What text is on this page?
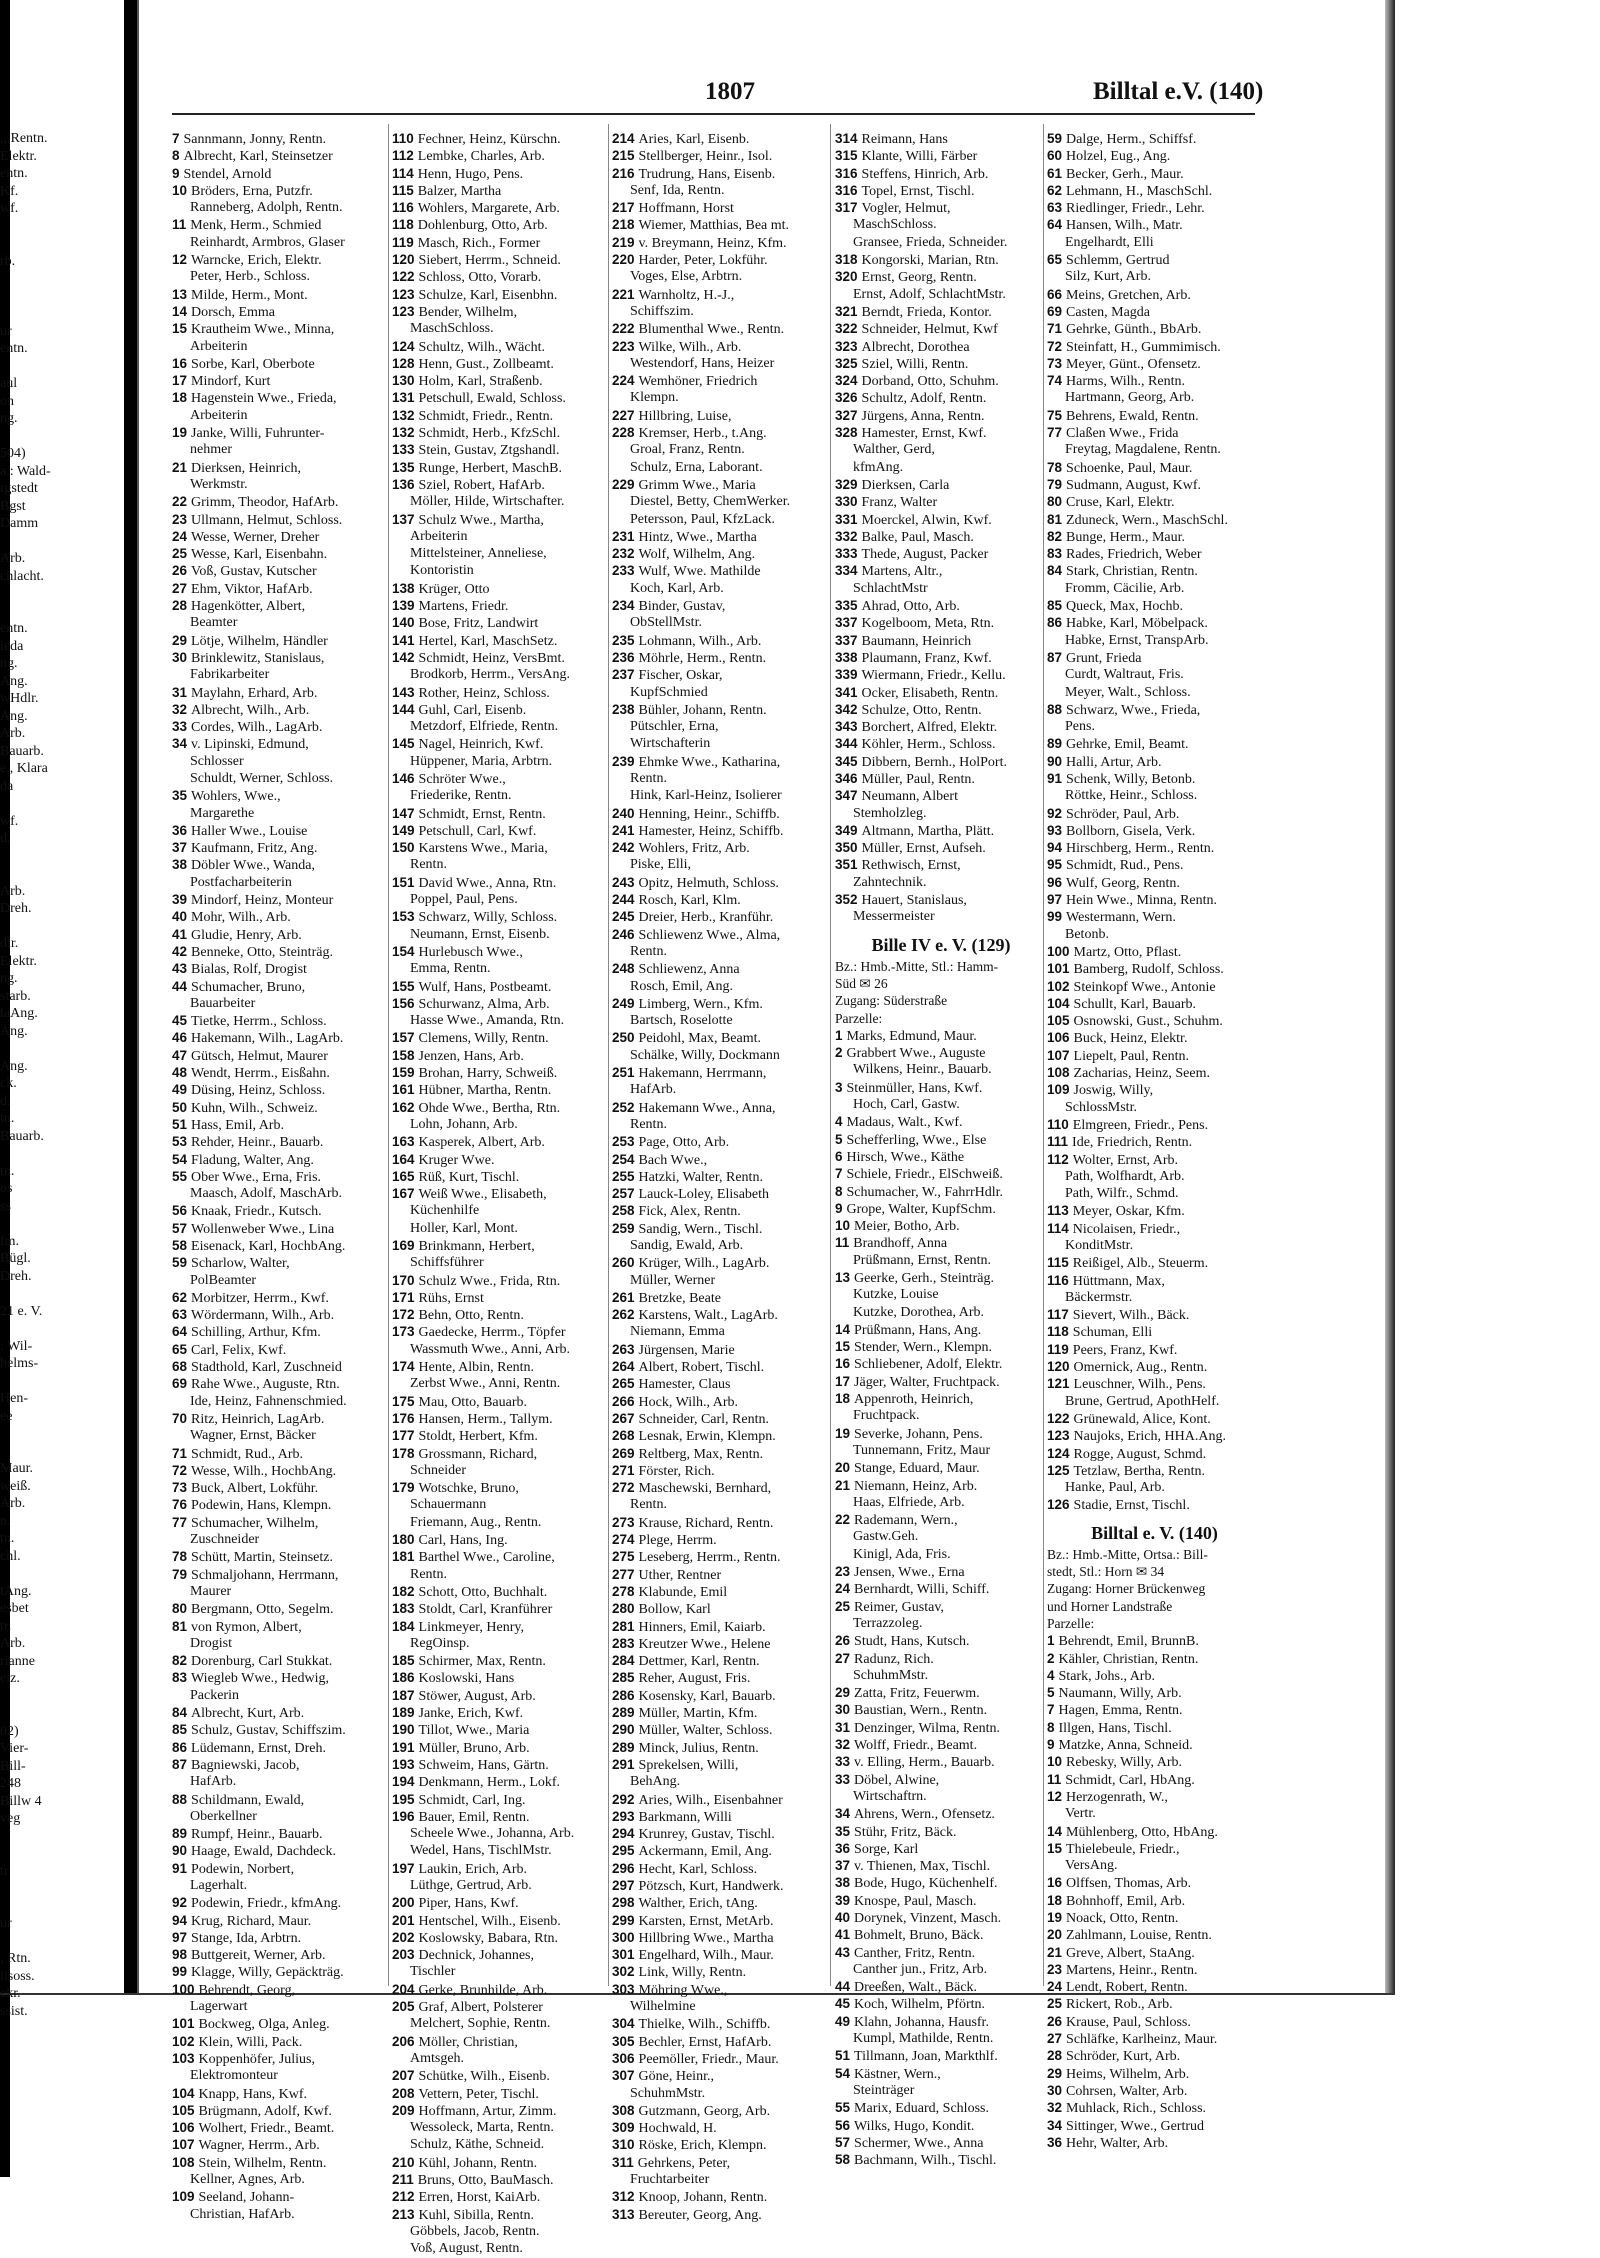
,, Rentn.
Elektr.
entn.
Kf.
wf.
rb.
ur
entn.
aul
on
ng.
504)
a.: Wald-
rgstedt
Bgst
Damm
Arb.
chlacht.
entn.
ieda
ng.
Ang.
wHdlr.
Ang.
Arb.
Bauarb.
e., Klara
da
wf.
d,
Arb.
Dreh.
dlr.
Elektr.
ng.
starb.
taAng.
Ang.
Ang.
ck.
d.
tn.
Bauarb.
tn.
os
ss
fm.
Bügl.
Dreh.
21 e. V.
: Wil-
helms-
Hen-
ee
Maur.
weiß.
Arb.
n.
tn.
chl.
tAng.
esbet
tr.
Arb.
rianne
eiz.
02)
Vier-
Bill-
248
Billw 4
veg
tr
ur
, Rtn.
ilsoss.
ekr.
ssist.
1807	Billtal e.V. (140)
7 Sannmann, Jonny, Rentn.
8 Albrecht, Karl, Steinsetzer
9 Stendel, Arnold
10 Bröders, Erna, Putzfr.
Ranneberg, Adolph, Rentn.
11 Menk, Herm., Schmied
Reinhardt, Armbros, Glaser
12 Warncke, Erich, Elektr.
Peter, Herb., Schloss.
13 Milde, Herm., Mont.
14 Dorsch, Emma
15 Krautheim Wwe., Minna,
Arbeiterin
16 Sorbe, Karl, Oberbote
17 Mindorf, Kurt
18 Hagenstein Wwe., Frieda,
Arbeiterin
19 Janke, Willi, Fuhrunter-
nehmer
21 Dierksen, Heinrich,
Werkmstr.
22 Grimm, Theodor, HafArb.
23 Ullmann, Helmut, Schloss.
24 Wesse, Werner, Dreher
25 Wesse, Karl, Eisenbahn.
26 Voß, Gustav, Kutscher
27 Ehm, Viktor, HafArb.
28 Hagenkötter, Albert,
Beamter
29 Lötje, Wilhelm, Händler
30 Brinklewitz, Stanislaus,
Fabrikarbeiter
31 Maylahn, Erhard, Arb.
32 Albrecht, Wilh., Arb.
33 Cordes, Wilh., LagArb.
34 v. Lipinski, Edmund,
Schlosser
Schuldt, Werner, Schloss.
35 Wohlers, Wwe.,
Margarethe
36 Haller Wwe., Louise
37 Kaufmann, Fritz, Ang.
38 Döbler Wwe., Wanda,
Postfacharbeiterin
39 Mindorf, Heinz, Monteur
40 Mohr, Wilh., Arb.
41 Gludie, Henry, Arb.
42 Benneke, Otto, Steinträg.
43 Bialas, Rolf, Drogist
44 Schumacher, Bruno,
Bauarbeiter
45 Tietke, Herrm., Schloss.
46 Hakemann, Wilh., LagArb.
47 Gütsch, Helmut, Maurer
48 Wendt, Herrm., Eisßahn.
49 Düsing, Heinz, Schloss.
50 Kuhn, Wilh., Schweiz.
51 Hass, Emil, Arb.
53 Rehder, Heinr., Bauarb.
54 Fladung, Walter, Ang.
55 Ober Wwe., Erna, Fris.
Maasch, Adolf, MaschArb.
56 Knaak, Friedr., Kutsch.
57 Wollenweber Wwe., Lina
58 Eisenack, Karl, HochbAng.
59 Scharlow, Walter,
PolBeamter
62 Morbitzer, Herrm., Kwf.
63 Wördermann, Wilh., Arb.
64 Schilling, Arthur, Kfm.
65 Carl, Felix, Kwf.
68 Stadthold, Karl, Zuschneid
69 Rahe Wwe., Auguste, Rtn.
Ide, Heinz, Fahnenschmied.
70 Ritz, Heinrich, LagArb.
Wagner, Ernst, Bäcker
71 Schmidt, Rud., Arb.
72 Wesse, Wilh., HochbAng.
73 Buck, Albert, Lokführ.
76 Podewin, Hans, Klempn.
77 Schumacher, Wilhelm,
Zuschneider
78 Schütt, Martin, Steinsetz.
79 Schmaljohann, Herrmann,
Maurer
80 Bergmann, Otto, Segelm.
81 von Rymon, Albert,
Drogist
82 Dorenburg, Carl Stukkat.
83 Wiegleb Wwe., Hedwig,
Packerin
84 Albrecht, Kurt, Arb.
85 Schulz, Gustav, Schiffszim.
86 Lüdemann, Ernst, Dreh.
87 Bagniewski, Jacob,
HafArb.
88 Schildmann, Ewald,
Oberkellner
89 Rumpf, Heinr., Bauarb.
90 Haage, Ewald, Dachdeck.
91 Podewin, Norbert,
Lagerhalt.
92 Podewin, Friedr., kfmAng.
94 Krug, Richard, Maur.
97 Stange, Ida, Arbtrn.
98 Buttgereit, Werner, Arb.
99 Klagge, Willy, Gepäckträg.
100 Behrendt, Georg,
Lagerwart
101 Bockweg, Olga, Anleg.
102 Klein, Willi, Pack.
103 Koppenhöfer, Julius,
Elektromonteur
104 Knapp, Hans, Kwf.
105 Brügmann, Adolf, Kwf.
106 Wolhert, Friedr., Beamt.
107 Wagner, Herrm., Arb.
108 Stein, Wilhelm, Rentn.
Kellner, Agnes, Arb.
109 Seeland, Johann-
Christian, HafArb.
110 Fechner, Heinz, Kürschn.
112 Lembke, Charles, Arb.
114 Henn, Hugo, Pens.
115 Balzer, Martha
116 Wohlers, Margarete, Arb.
118 Dohlenburg, Otto, Arb.
119 Masch, Rich., Former
120 Siebert, Herrm., Schneid.
122 Schloss, Otto, Vorarb.
123 Schulze, Karl, Eisenbhn.
123 Bender, Wilhelm,
MaschSchloss.
124 Schultz, Wilh., Wächt.
128 Henn, Gust., Zollbeamt.
130 Holm, Karl, Straßenb.
131 Petschull, Ewald, Schloss.
132 Schmidt, Friedr., Rentn.
132 Schmidt, Herb., KfzSchl.
133 Stein, Gustav, Ztgshandl.
135 Runge, Herbert, MaschB.
136 Sziel, Robert, HafArb.
Möller, Hilde, Wirtschafter.
137 Schulz Wwe., Martha,
Arbeiterin
Mittelsteiner, Anneliese,
Kontoristin
138 Krüger, Otto
139 Martens, Friedr.
140 Bose, Fritz, Landwirt
141 Hertel, Karl, MaschSetz.
142 Schmidt, Heinz, VersBmt.
Brodkorb, Herrm., VersAng.
143 Rother, Heinz, Schloss.
144 Guhl, Carl, Eisenb.
Metzdorf, Elfriede, Rentn.
145 Nagel, Heinrich, Kwf.
Hüppener, Maria, Arbtrn.
146 Schröter Wwe.,
Friederike, Rentn.
147 Schmidt, Ernst, Rentn.
149 Petschull, Carl, Kwf.
150 Karstens Wwe., Maria,
Rentn.
151 David Wwe., Anna, Rtn.
Poppel, Paul, Pens.
153 Schwarz, Willy, Schloss.
Neumann, Ernst, Eisenb.
154 Hurlebusch Wwe.,
Emma, Rentn.
155 Wulf, Hans, Postbeamt.
156 Schurwanz, Alma, Arb.
Hasse Wwe., Amanda, Rtn.
157 Clemens, Willy, Rentn.
158 Jenzen, Hans, Arb.
159 Brohan, Harry, Schweiß.
161 Hübner, Martha, Rentn.
162 Ohde Wwe., Bertha, Rtn.
Lohn, Johann, Arb.
163 Kasperek, Albert, Arb.
164 Kruger Wwe.
165 Rüß, Kurt, Tischl.
167 Weiß Wwe., Elisabeth,
Küchenhilfe
Holler, Karl, Mont.
169 Brinkmann, Herbert,
Schiffsführer
170 Schulz Wwe., Frida, Rtn.
171 Rühs, Ernst
172 Behn, Otto, Rentn.
173 Gaedecke, Herrm., Töpfer
Wassmuth Wwe., Anni, Arb.
174 Hente, Albin, Rentn.
Zerbst Wwe., Anni, Rentn.
175 Mau, Otto, Bauarb.
176 Hansen, Herm., Tallym.
177 Stoldt, Herbert, Kfm.
178 Grossmann, Richard,
Schneider
179 Wotschke, Bruno,
Schauermann
Friemann, Aug., Rentn.
180 Carl, Hans, Ing.
181 Barthel Wwe., Caroline,
Rentn.
182 Schott, Otto, Buchhalt.
183 Stoldt, Carl, Kranführer
184 Linkmeyer, Henry,
RegOinsp.
185 Schirmer, Max, Rentn.
186 Koslowski, Hans
187 Stöwer, August, Arb.
189 Janke, Erich, Kwf.
190 Tillot, Wwe., Maria
191 Müller, Bruno, Arb.
193 Schweim, Hans, Gärtn.
194 Denkmann, Herm., Lokf.
195 Schmidt, Carl, Ing.
196 Bauer, Emil, Rentn.
Scheele Wwe., Johanna, Arb.
Wedel, Hans, TischlMstr.
197 Laukin, Erich, Arb.
Lüthge, Gertrud, Arb.
200 Piper, Hans, Kwf.
201 Hentschel, Wilh., Eisenb.
202 Koslowsky, Babara, Rtn.
203 Dechnick, Johannes,
Tischler
204 Gerke, Brunhilde, Arb.
205 Graf, Albert, Polsterer
Melchert, Sophie, Rentn.
206 Möller, Christian,
Amtsgeh.
207 Schütke, Wilh., Eisenb.
208 Vettern, Peter, Tischl.
209 Hoffmann, Artur, Zimm.
Wessoleck, Marta, Rentn.
Schulz, Käthe, Schneid.
210 Kühl, Johann, Rentn.
211 Bruns, Otto, BauMasch.
212 Erren, Horst, KaiArb.
213 Kuhl, Sibilla, Rentn.
Göbbels, Jacob, Rentn.
Voß, August, Rentn.
214 Aries, Karl, Eisenb.
215 Stellberger, Heinr., Isol.
216 Trudrung, Hans, Eisenb.
Senf, Ida, Rentn.
217 Hoffmann, Horst
218 Wiemer, Matthias, Bea mt.
219 v. Breymann, Heinz, Kfm.
220 Harder, Peter, Lokführ.
Voges, Else, Arbtrn.
221 Warnholtz, H.-J.,
Schiffszim.
222 Blumenthal Wwe., Rentn.
223 Wilke, Wilh., Arb.
Westendorf, Hans, Heizer
224 Wemhöner, Friedrich
Klempn.
227 Hillbring, Luise,
228 Kremser, Herb., t.Ang.
Groal, Franz, Rentn.
Schulz, Erna, Laborant.
229 Grimm Wwe., Maria
Diestel, Betty, ChemWerker.
Petersson, Paul, KfzLack.
231 Hintz, Wwe., Martha
232 Wolf, Wilhelm, Ang.
233 Wulf, Wwe. Mathilde
Koch, Karl, Arb.
234 Binder, Gustav,
ObStellMstr.
235 Lohmann, Wilh., Arb.
236 Möhrle, Herm., Rentn.
237 Fischer, Oskar,
KupfSchmied
238 Bühler, Johann, Rentn.
Pütschler, Erna,
Wirtschafterin
239 Ehmke Wwe., Katharina,
Rentn.
Hink, Karl-Heinz, Isolierer
240 Henning, Heinr., Schiffb.
241 Hamester, Heinz, Schiffb.
242 Wohlers, Fritz, Arb.
Piske, Elli,
243 Opitz, Helmuth, Schloss.
244 Rosch, Karl, Klm.
245 Dreier, Herb., Kranführ.
246 Schliewenz Wwe., Alma,
Rentn.
248 Schliewenz, Anna
Rosch, Emil, Ang.
249 Limberg, Wern., Kfm.
Bartsch, Roselotte
250 Peidohl, Max, Beamt.
Schälke, Willy, Dockmann
251 Hakemann, Herrmann,
HafArb.
252 Hakemann Wwe., Anna,
Rentn.
253 Page, Otto, Arb.
254 Bach Wwe.,
255 Hatzki, Walter, Rentn.
257 Lauck-Loley, Elisabeth
258 Fick, Alex, Rentn.
259 Sandig, Wern., Tischl.
Sandig, Ewald, Arb.
260 Krüger, Wilh., LagArb.
Müller, Werner
261 Bretzke, Beate
262 Karstens, Walt., LagArb.
Niemann, Emma
263 Jürgensen, Marie
264 Albert, Robert, Tischl.
265 Hamester, Claus
266 Hock, Wilh., Arb.
267 Schneider, Carl, Rentn.
268 Lesnak, Erwin, Klempn.
269 Reltberg, Max, Rentn.
271 Förster, Rich.
272 Maschewski, Bernhard,
Rentn.
273 Krause, Richard, Rentn.
274 Plege, Herrm.
275 Leseberg, Herrm., Rentn.
277 Uther, Rentner
278 Klabunde, Emil
280 Bollow, Karl
281 Hinners, Emil, Kaiarb.
283 Kreutzer Wwe., Helene
284 Dettmer, Karl, Rentn.
285 Reher, August, Fris.
286 Kosensky, Karl, Bauarb.
289 Müller, Martin, Kfm.
290 Müller, Walter, Schloss.
289 Minck, Julius, Rentn.
291 Sprekelsen, Willi,
BehAng.
292 Aries, Wilh., Eisenbahner
293 Barkmann, Willi
294 Krunrey, Gustav, Tischl.
295 Ackermann, Emil, Ang.
296 Hecht, Karl, Schloss.
297 Pötzsch, Kurt, Handwerk.
298 Walther, Erich, tAng.
299 Karsten, Ernst, MetArb.
300 Hillbring Wwe., Martha
301 Engelhard, Wilh., Maur.
302 Link, Willy, Rentn.
303 Möhring Wwe.,
Wilhelmine
304 Thielke, Wilh., Schiffb.
305 Bechler, Ernst, HafArb.
306 Peemöller, Friedr., Maur.
307 Göne, Heinr.,
SchuhmMstr.
308 Gutzmann, Georg, Arb.
309 Hochwald, H.
310 Röske, Erich, Klempn.
311 Gehrkens, Peter,
Fruchtarbeiter
312 Knoop, Johann, Rentn.
313 Bereuter, Georg, Ang.
314 Reimann, Hans
315 Klante, Willi, Färber
316 Steffens, Hinrich, Arb.
316 Topel, Ernst, Tischl.
317 Vogler, Helmut,
MaschSchloss.
Gransee, Frieda, Schneider.
318 Kongorski, Marian, Rtn.
320 Ernst, Georg, Rentn.
Ernst, Adolf, SchlachtMstr.
321 Berndt, Frieda, Kontor.
322 Schneider, Helmut, Kwf
323 Albrecht, Dorothea
325 Sziel, Willi, Rentn.
324 Dorband, Otto, Schuhm.
326 Schultz, Adolf, Rentn.
327 Jürgens, Anna, Rentn.
328 Hamester, Ernst, Kwf.
Walther, Gerd,
kfmAng.
329 Dierksen, Carla
330 Franz, Walter
331 Moerckel, Alwin, Kwf.
332 Balke, Paul, Masch.
333 Thede, August, Packer
334 Martens, Altr.,
SchlachtMstr
335 Ahrad, Otto, Arb.
337 Kogelboom, Meta, Rtn.
337 Baumann, Heinrich
338 Plaumann, Franz, Kwf.
339 Wiermann, Friedr., Kellu.
341 Ocker, Elisabeth, Rentn.
342 Schulze, Otto, Rentn.
343 Borchert, Alfred, Elektr.
344 Köhler, Herm., Schloss.
345 Dibbern, Bernh., HolPort.
346 Müller, Paul, Rentn.
347 Neumann, Albert
Stemholzleg.
349 Altmann, Martha, Plätt.
350 Müller, Ernst, Aufseh.
351 Rethwisch, Ernst,
Zahntechnik.
352 Hauert, Stanislaus,
Messermeister
Bille IV e. V. (129)
Bz.: Hmb.-Mitte, Stl.: Hamm-
Süd ✉ 26
Zugang: Süderstraße
Parzelle:
1 Marks, Edmund, Maur.
2 Grabbert Wwe., Auguste
Wilkens, Heinr., Bauarb.
3 Steinmüller, Hans, Kwf.
Hoch, Carl, Gastw.
4 Madaus, Walt., Kwf.
5 Schefferling, Wwe., Else
6 Hirsch, Wwe., Käthe
7 Schiele, Friedr., ElSchweiß.
8 Schumacher, W., FahrrHdlr.
9 Grope, Walter, KupfSchm.
10 Meier, Botho, Arb.
11 Brandhoff, Anna
Prüßmann, Ernst, Rentn.
13 Geerke, Gerh., Steinträg.
Kutzke, Louise
Kutzke, Dorothea, Arb.
14 Prüßmann, Hans, Ang.
15 Stender, Wern., Klempn.
16 Schliebener, Adolf, Elektr.
17 Jäger, Walter, Fruchtpack.
18 Appenroth, Heinrich,
Fruchtpack.
19 Severke, Johann, Pens.
Tunnemann, Fritz, Maur
20 Stange, Eduard, Maur.
21 Niemann, Heinz, Arb.
Haas, Elfriede, Arb.
22 Rademann, Wern.,
Gastw.Geh.
Kinigl, Ada, Fris.
23 Jensen, Wwe., Erna
24 Bernhardt, Willi, Schiff.
25 Reimer, Gustav,
Terrazzoleg.
26 Studt, Hans, Kutsch.
27 Radunz, Rich.
SchuhmMstr.
29 Zatta, Fritz, Feuerwm.
30 Baustian, Wern., Rentn.
31 Denzinger, Wilma, Rentn.
32 Wolff, Friedr., Beamt.
33 v. Elling, Herm., Bauarb.
33 Döbel, Alwine,
Wirtschaftrn.
34 Ahrens, Wern., Ofensetz.
35 Stühr, Fritz, Bäck.
36 Sorge, Karl
37 v. Thienen, Max, Tischl.
38 Bode, Hugo, Küchenhelf.
39 Knospe, Paul, Masch.
40 Dorynek, Vinzent, Masch.
41 Bohmelt, Bruno, Bäck.
43 Canther, Fritz, Rentn.
Canther jun., Fritz, Arb.
44 Dreeßen, Walt., Bäck.
45 Koch, Wilhelm, Pförtn.
49 Klahn, Johanna, Hausfr.
Kumpl, Mathilde, Rentn.
51 Tillmann, Joan, Markthlf.
54 Kästner, Wern.,
Steinträger
55 Marix, Eduard, Schloss.
56 Wilks, Hugo, Kondit.
57 Schermer, Wwe., Anna
58 Bachmann, Wilh., Tischl.
59 Dalge, Herm., Schiffsf.
60 Holzel, Eug., Ang.
61 Becker, Gerh., Maur.
62 Lehmann, H., MaschSchl.
63 Riedlinger, Friedr., Lehr.
64 Hansen, Wilh., Matr.
Engelhardt, Elli
65 Schlemm, Gertrud
Silz, Kurt, Arb.
66 Meins, Gretchen, Arb.
69 Casten, Magda
71 Gehrke, Günth., BbArb.
72 Steinfatt, H., Gummimisch.
73 Meyer, Günt., Ofensetz.
74 Harms, Wilh., Rentn.
Hartmann, Georg, Arb.
75 Behrens, Ewald, Rentn.
77 Claßen Wwe., Frida
Freytag, Magdalene, Rentn.
78 Schoenke, Paul, Maur.
79 Sudmann, August, Kwf.
80 Cruse, Karl, Elektr.
81 Zduneck, Wern., MaschSchl.
82 Bunge, Herm., Maur.
83 Rades, Friedrich, Weber
84 Stark, Christian, Rentn.
Fromm, Cäcilie, Arb.
85 Queck, Max, Hochb.
86 Habke, Karl, Möbelpack.
Habke, Ernst, TranspArb.
87 Grunt, Frieda
Curdt, Waltraut, Fris.
Meyer, Walt., Schloss.
88 Schwarz, Wwe., Frieda,
Pens.
89 Gehrke, Emil, Beamt.
90 Halli, Artur, Arb.
91 Schenk, Willy, Betonb.
Röttke, Heinr., Schloss.
92 Schröder, Paul, Arb.
93 Bollborn, Gisela, Verk.
94 Hirschberg, Herm., Rentn.
95 Schmidt, Rud., Pens.
96 Wulf, Georg, Rentn.
97 Hein Wwe., Minna, Rentn.
99 Westermann, Wern.
Betonb.
100 Martz, Otto, Pflast.
101 Bamberg, Rudolf, Schloss.
102 Steinkopf Wwe., Antonie
104 Schullt, Karl, Bauarb.
105 Osnowski, Gust., Schuhm.
106 Buck, Heinz, Elektr.
107 Liepelt, Paul, Rentn.
108 Zacharias, Heinz, Seem.
109 Joswig, Willy,
SchlossMstr.
110 Elmgreen, Friedr., Pens.
111 Ide, Friedrich, Rentn.
112 Wolter, Ernst, Arb.
Path, Wolfhardt, Arb.
Path, Wilfr., Schmd.
113 Meyer, Oskar, Kfm.
114 Nicolaisen, Friedr.,
KonditMstr.
115 Reißigel, Alb., Steuerm.
116 Hüttmann, Max,
Bäckermstr.
117 Sievert, Wilh., Bäck.
118 Schuman, Elli
119 Peers, Franz, Kwf.
120 Omernick, Aug., Rentn.
121 Leuschner, Wilh., Pens.
Brune, Gertrud, ApothHelf.
122 Grünewald, Alice, Kont.
123 Naujoks, Erich, HHA.Ang.
124 Rogge, August, Schmd.
125 Tetzlaw, Bertha, Rentn.
Hanke, Paul, Arb.
126 Stadie, Ernst, Tischl.
Billtal e. V. (140)
Bz.: Hmb.-Mitte, Ortsa.: Bill-
stedt, Stl.: Horn ✉ 34
Zugang: Horner Brückenweg
und Horner Landstraße
Parzelle:
1 Behrendt, Emil, BrunnB.
2 Kähler, Christian, Rentn.
4 Stark, Johs., Arb.
5 Naumann, Willy, Arb.
7 Hagen, Emma, Rentn.
8 Illgen, Hans, Tischl.
9 Matzke, Anna, Schneid.
10 Rebesky, Willy, Arb.
11 Schmidt, Carl, HbAng.
12 Herzogenrath, W.,
Vertr.
14 Mühlenberg, Otto, HbAng.
15 Thielebeule, Friedr.,
VersAng.
16 Olffsen, Thomas, Arb.
18 Bohnhoff, Emil, Arb.
19 Noack, Otto, Rentn.
20 Zahlmann, Louise, Rentn.
21 Greve, Albert, StaAng.
23 Martens, Heinr., Rentn.
24 Lendt, Robert, Rentn.
25 Rickert, Rob., Arb.
26 Krause, Paul, Schloss.
27 Schläfke, Karlheinz, Maur.
28 Schröder, Kurt, Arb.
29 Heims, Wilhelm, Arb.
30 Cohrsen, Walter, Arb.
32 Muhlack, Rich., Schloss.
34 Sittinger, Wwe., Gertrud
36 Hehr, Walter, Arb.
